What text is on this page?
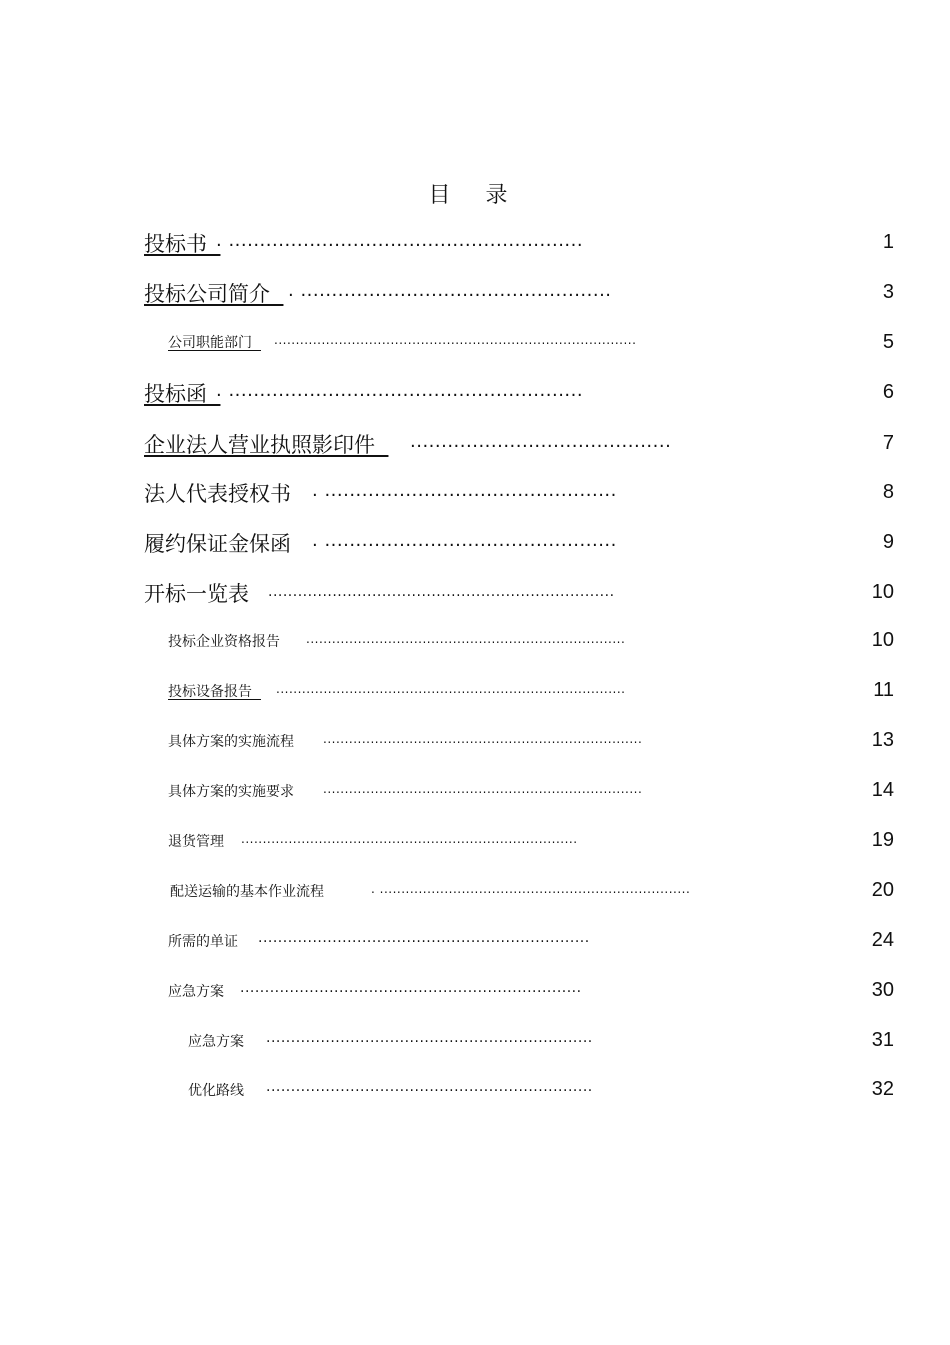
目 录
投标书 . .........................................................	1
投标公司简介	. ..................................................	3
公司职能部门	....................................................................................	5
投标函 . .........................................................	6
企业法人营业执照影印件	..........................................	7
法人代表授权书 . ...............................................	8
履约保证金保函 . ...............................................	9
开标一览表 ......................................................................	10
投标企业资格报告 ..........................................................................	10
投标设备报告	.................................................................................	11
具体方案的实施流程 ..........................................................................	13
具体方案的实施要求 ..........................................................................	14
退货管理 ..............................................................................	19
配送运输的基本作业流程	. ........................................................................	20
所需的单证 ...................................................................	24
应急方案 .....................................................................	30
应急方案 ..................................................................	31
优化路线 ..................................................................	32
